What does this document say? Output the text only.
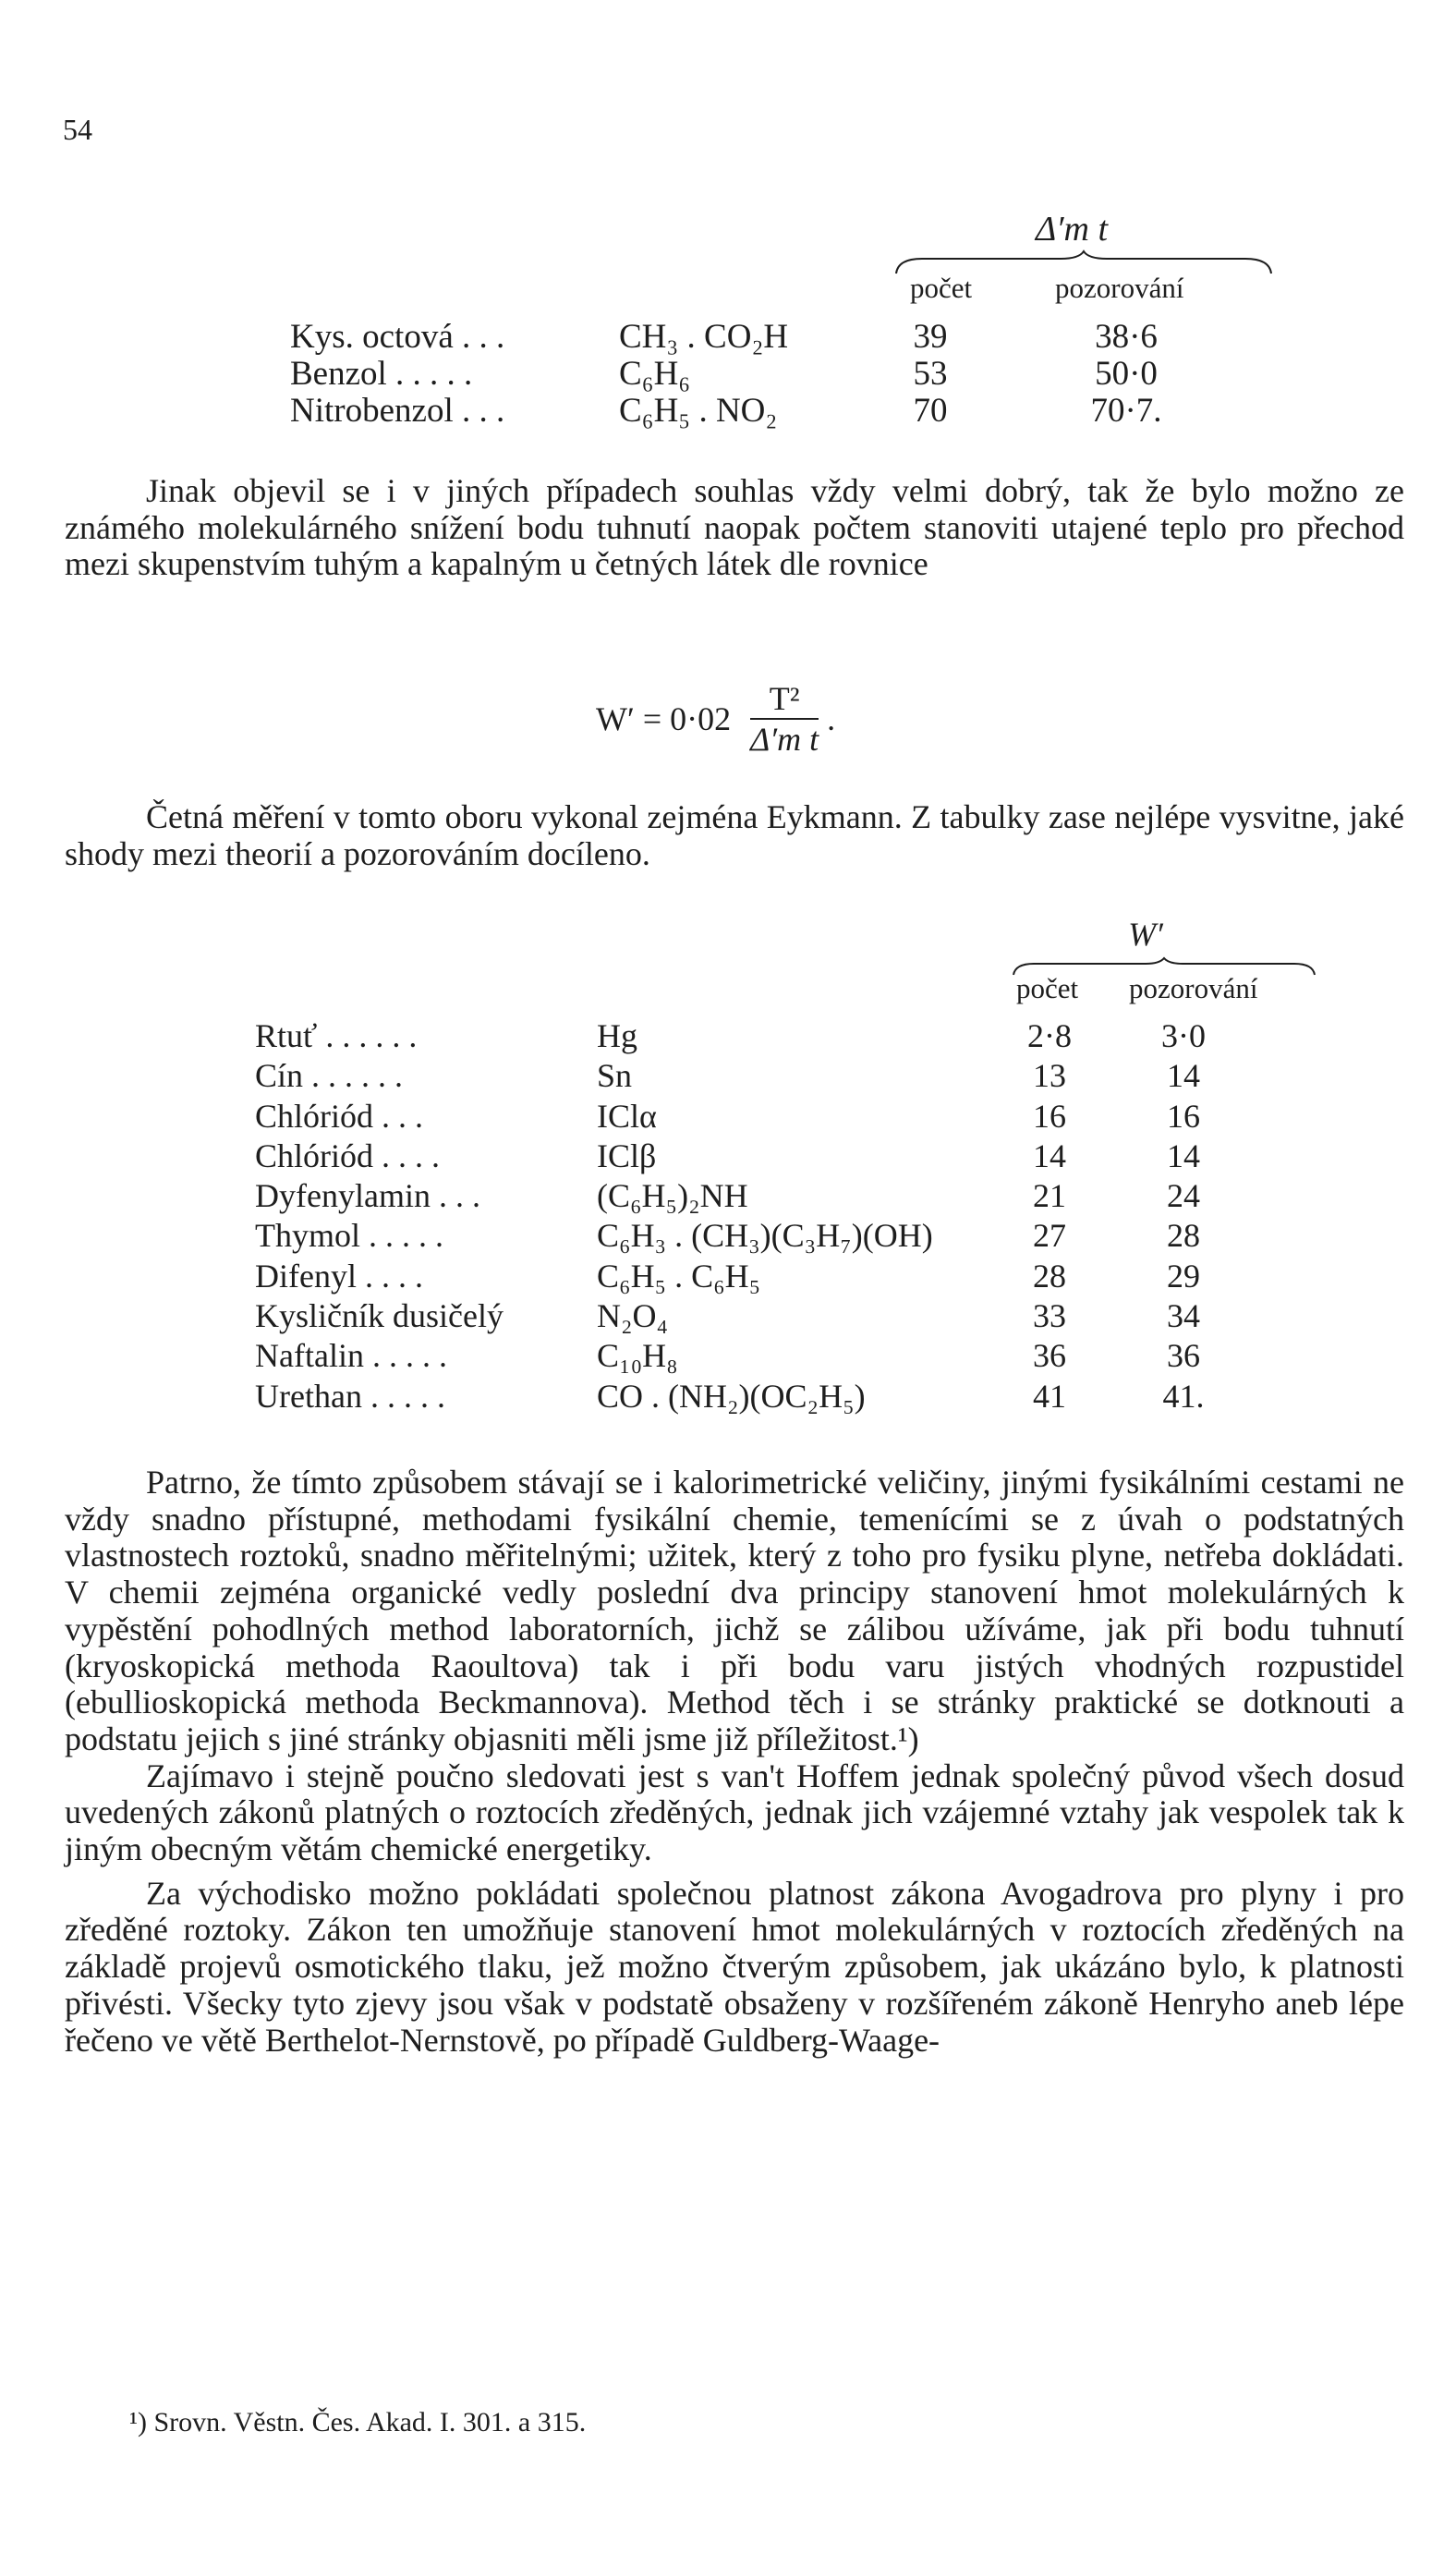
54
Δ′m t
počet	pozorování
Kys. octová . . .	CH₃ . CO₂H	39	38·6
Benzol . . . . .	C₆H₆	53	50·0
Nitrobenzol . . .	C₆H₅ . NO₂	70	70·7.

Jinak objevil se i v jiných případech souhlas vždy velmi dobrý, tak že bylo možno ze známého molekulárného snížení bodu tuhnutí naopak počtem stanoviti utajené teplo pro přechod mezi skupenstvím tuhým a kapalným u četných látek dle rovnice

$W' = 0\cdot 02 \frac{\text{T²}}{\text{Δ′m t}}$ .

Četná měření v tomto oboru vykonal zejména Eykmann. Z tabulky zase nejlépe vysvitne, jaké shody mezi theorií a pozorováním docíleno.

W′
počet pozorování
Rtuť . . . . . .	Hg	2·8	3·0
Cín . . . . . .	Sn	13	14
Chlóriód . . .	IClα	16	16
Chlóriód . . . .	IClβ	14	14
Dyfenylamin . . .	(C₆H₅)₂NH	21	24
Thymol . . . . .	C₆H₃ . (CH₃)(C₃H₇)(OH)	27	28
Difenyl . . . .	C₆H₅ . C₆H₅	28	29
Kysličník dusičelý	N₂O₄	33	34
Naftalin . . . . .	C₁₀H₈	36	36
Urethan . . . . .	CO . (NH₂)(OC₂H₅)	41	41.

Patrno, že tímto způsobem stávají se i kalorimetrické veličiny, jinými fysikálními cestami ne vždy snadno přístupné, methodami fysikální chemie, temenícími se z úvah o podstatných vlastnostech roztoků, snadno měřitelnými; užitek, který z toho pro fysiku plyne, netřeba dokládati. V chemii zejména organické vedly poslední dva principy stanovení hmot molekulárných k vypěstění pohodlných method laboratorních, jichž se zálibou užíváme, jak při bodu tuhnutí (kryoskopická methoda Raoultova) tak i při bodu varu jistých vhodných rozpustidel (ebullioskopická methoda Beckmannova). Method těch i se stránky praktické se dotknouti a podstatu jejich s jiné stránky objasniti měli jsme již příležitost.¹)

Zajímavo i stejně poučno sledovati jest s van't Hoffem jednak společný původ všech dosud uvedených zákonů platných o roztocích zředěných, jednak jich vzájemné vztahy jak vespolek tak k jiným obecným větám chemické energetiky.

Za východisko možno pokládati společnou platnost zákona Avogadrova pro plyny i pro zředěné roztoky. Zákon ten umožňuje stanovení hmot molekulárných v roztocích zředěných na základě projevů osmotického tlaku, jež možno čtverým způsobem, jak ukázáno bylo, k platnosti přivésti. Všecky tyto zjevy jsou však v podstatě obsaženy v rozšířeném zákoně Henryho aneb lépe řečeno ve větě Berthelot-Nernstově, po případě Guldberg-Waage-

¹) Srovn. Věstn. Čes. Akad. I. 301. a 315.
